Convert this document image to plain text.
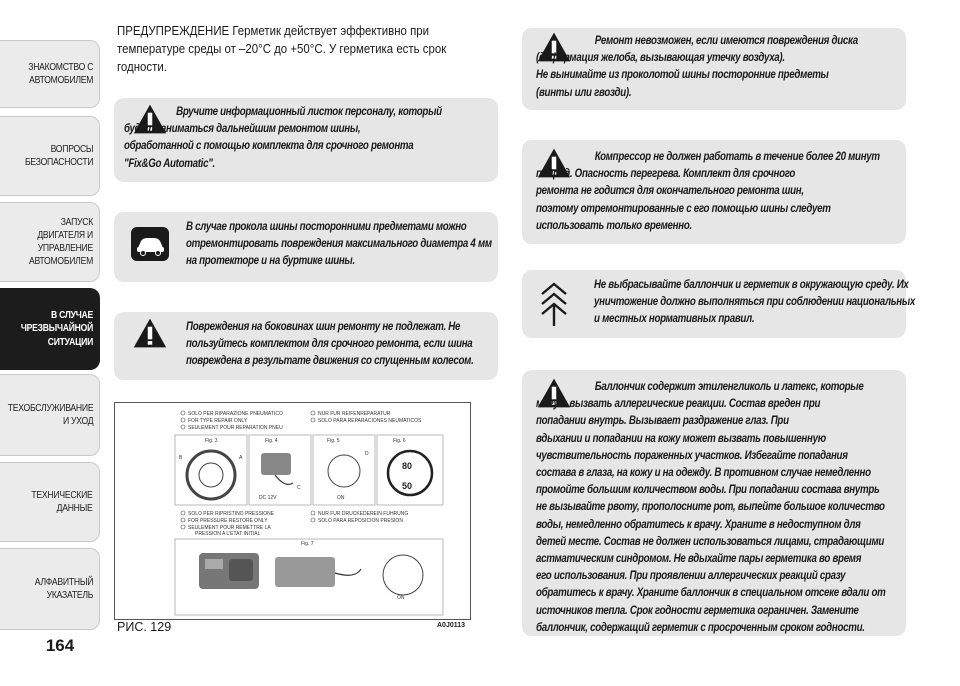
ЗНАКОМСТВО С
АВТОМОБИЛЕМ
ВОПРОСЫ
БЕЗОПАСНОСТИ
ЗАПУСК ДВИГАТЕЛЯ И
УПРАВЛЕНИЕ
АВТОМОБИЛЕМ
В СЛУЧАЕ
ЧРЕЗВЫЧАЙНОЙ
СИТУАЦИИ
ТЕХОБСЛУЖИВАНИЕ
И УХОД
ТЕХНИЧЕСКИЕ
ДАННЫЕ
АЛФАВИТНЫЙ
УКАЗАТЕЛЬ
164
ПРЕДУПРЕЖДЕНИЕ Герметик действует эффективно при температуре среды от –20°C до +50°C. У герметика есть срок годности.
Вручите информационный листок персоналу, который
будет заниматься дальнейшим ремонтом шины,
обработанной с помощью комплекта для срочного ремонта
"Fix&Go Automatic".
В случае прокола шины посторонними предметами можно
отремонтировать повреждения максимального диаметра 4 мм
на протекторе и на буртике шины.
Повреждения на боковинах шин ремонту не подлежат. Не
пользуйтесь комплектом для срочного ремонта, если шина
повреждена в результате движения со спущенным колесом.
SOLO PER RIPARAZIONE PNEUMATICO
FOR TYPE REPAIR ONLY
SEULEMENT POUR REPARATION PNEU
NUR FUR REIFENREPARATUR
SOLO PARA REPARACIONES NEUMATICOS
Fig. 3
B	A
Fig. 4
DC 12V
C
Fig. 5
ON
D
Fig. 6
80
50
SOLO PER RIPRISTINO PRESSIONE
FOR PRESSURE RESTORE ONLY
SEULEMENT POUR REMETTRE LA
PRESSION A L'ETAT INITIAL
NUR FUR DRUCKEDEREIN FUHRUNG
SOLO PARA REPOSICION PRESION
Fig. 7
ON
РИС. 129	A0J0113
Ремонт невозможен, если имеются повреждения диска
(деформация желоба, вызывающая утечку воздуха).
Не вынимайте из проколотой шины посторонние предметы
(винты или гвозди).
Компрессор не должен работать в течение более 20 минут
подряд. Опасность перегрева. Комплект для срочного
ремонта не годится для окончательного ремонта шин,
поэтому отремонтированные с его помощью шины следует
использовать только временно.
Не выбрасывайте баллончик и герметик в окружающую среду. Их
уничтожение должно выполняться при соблюдении национальных
и местных нормативных правил.
Баллончик содержит этиленгликоль и латекс, которые
могут вызвать аллергические реакции. Состав вреден при
попадании внутрь. Вызывает раздражение глаз. При
вдыхании и попадании на кожу может вызвать повышенную
чувствительность пораженных участков. Избегайте попадания
состава в глаза, на кожу и на одежду. В противном случае немедленно
промойте большим количеством воды. При попадании состава внутрь
не вызывайте рвоту, прополосните рот, выпейте большое количество
воды, немедленно обратитесь к врачу. Храните в недоступном для
детей месте. Состав не должен использоваться лицами, страдающими
астматическим синдромом. Не вдыхайте пары герметика во время
его использования. При проявлении аллергических реакций сразу
обратитесь к врачу. Храните баллончик в специальном отсеке вдали от
источников тепла. Срок годности герметика ограничен. Замените
баллончик, содержащий герметик с просроченным сроком годности.
